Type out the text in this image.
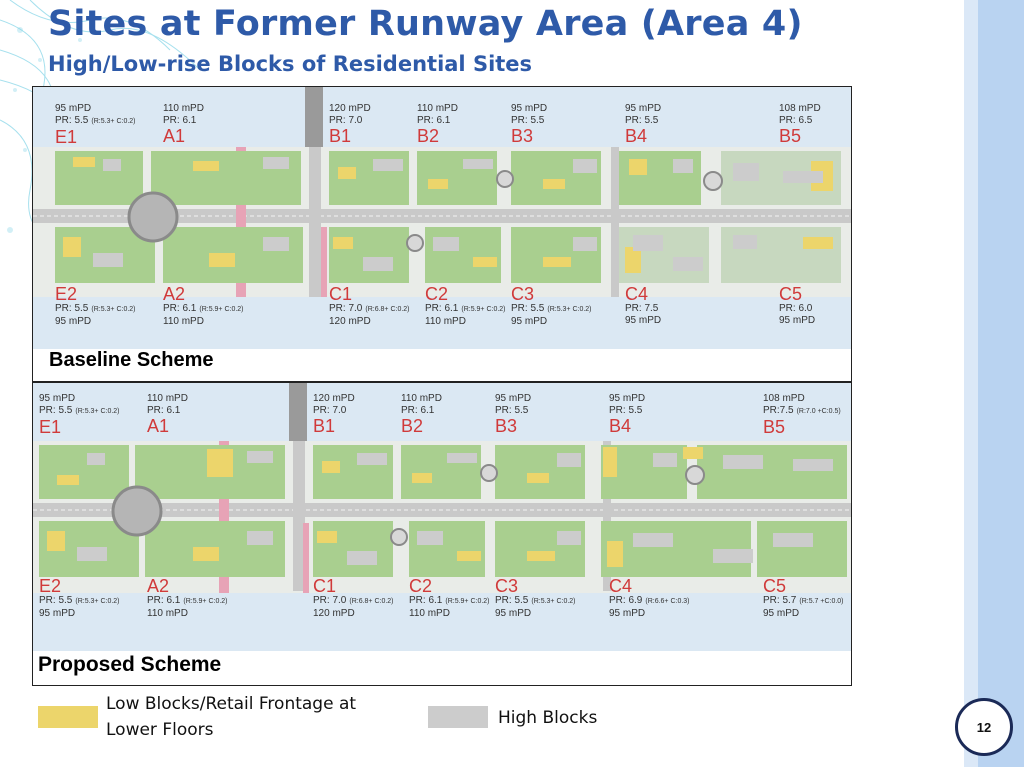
Sites at Former Runway Area (Area 4)
High/Low-rise Blocks of Residential Sites
Baseline Scheme
95 mPD
PR: 5.5 (R:5.3+ C:0.2)
E1
110 mPD
PR: 6.1
A1
120 mPD
PR: 7.0
B1
110 mPD
PR: 6.1
B2
95 mPD
PR: 5.5
B3
95 mPD
PR: 5.5
B4
108 mPD
PR: 6.5
B5
E2
PR: 5.5 (R:5.3+ C:0.2)
95 mPD
A2
PR: 6.1 (R:5.9+ C:0.2)
110 mPD
C1
PR: 7.0 (R:6.8+ C:0.2)
120 mPD
C2
PR: 6.1 (R:5.9+ C:0.2)
110 mPD
C3
PR: 5.5 (R:5.3+ C:0.2)
95 mPD
C4
PR: 7.5
95 mPD
C5
PR: 6.0
95 mPD
Proposed Scheme
95 mPD
PR: 5.5 (R:5.3+ C:0.2)
E1
110 mPD
PR: 6.1
A1
120 mPD
PR: 7.0
B1
110 mPD
PR: 6.1
B2
95 mPD
PR: 5.5
B3
95 mPD
PR: 5.5
B4
108 mPD
PR:7.5 (R:7.0 +C:0.5)
B5
E2
PR: 5.5 (R:5.3+ C:0.2)
95 mPD
A2
PR: 6.1 (R:5.9+ C:0.2)
110 mPD
C1
PR: 7.0 (R:6.8+ C:0.2)
120 mPD
C2
PR: 6.1 (R:5.9+ C:0.2)
110 mPD
C3
PR: 5.5 (R:5.3+ C:0.2)
95 mPD
C4
PR: 6.9 (R:6.6+ C:0.3)
95 mPD
C5
PR: 5.7 (R:5.7 +C:0.0)
95 mPD
Low Blocks/Retail Frontage at
Lower Floors
High Blocks	12
